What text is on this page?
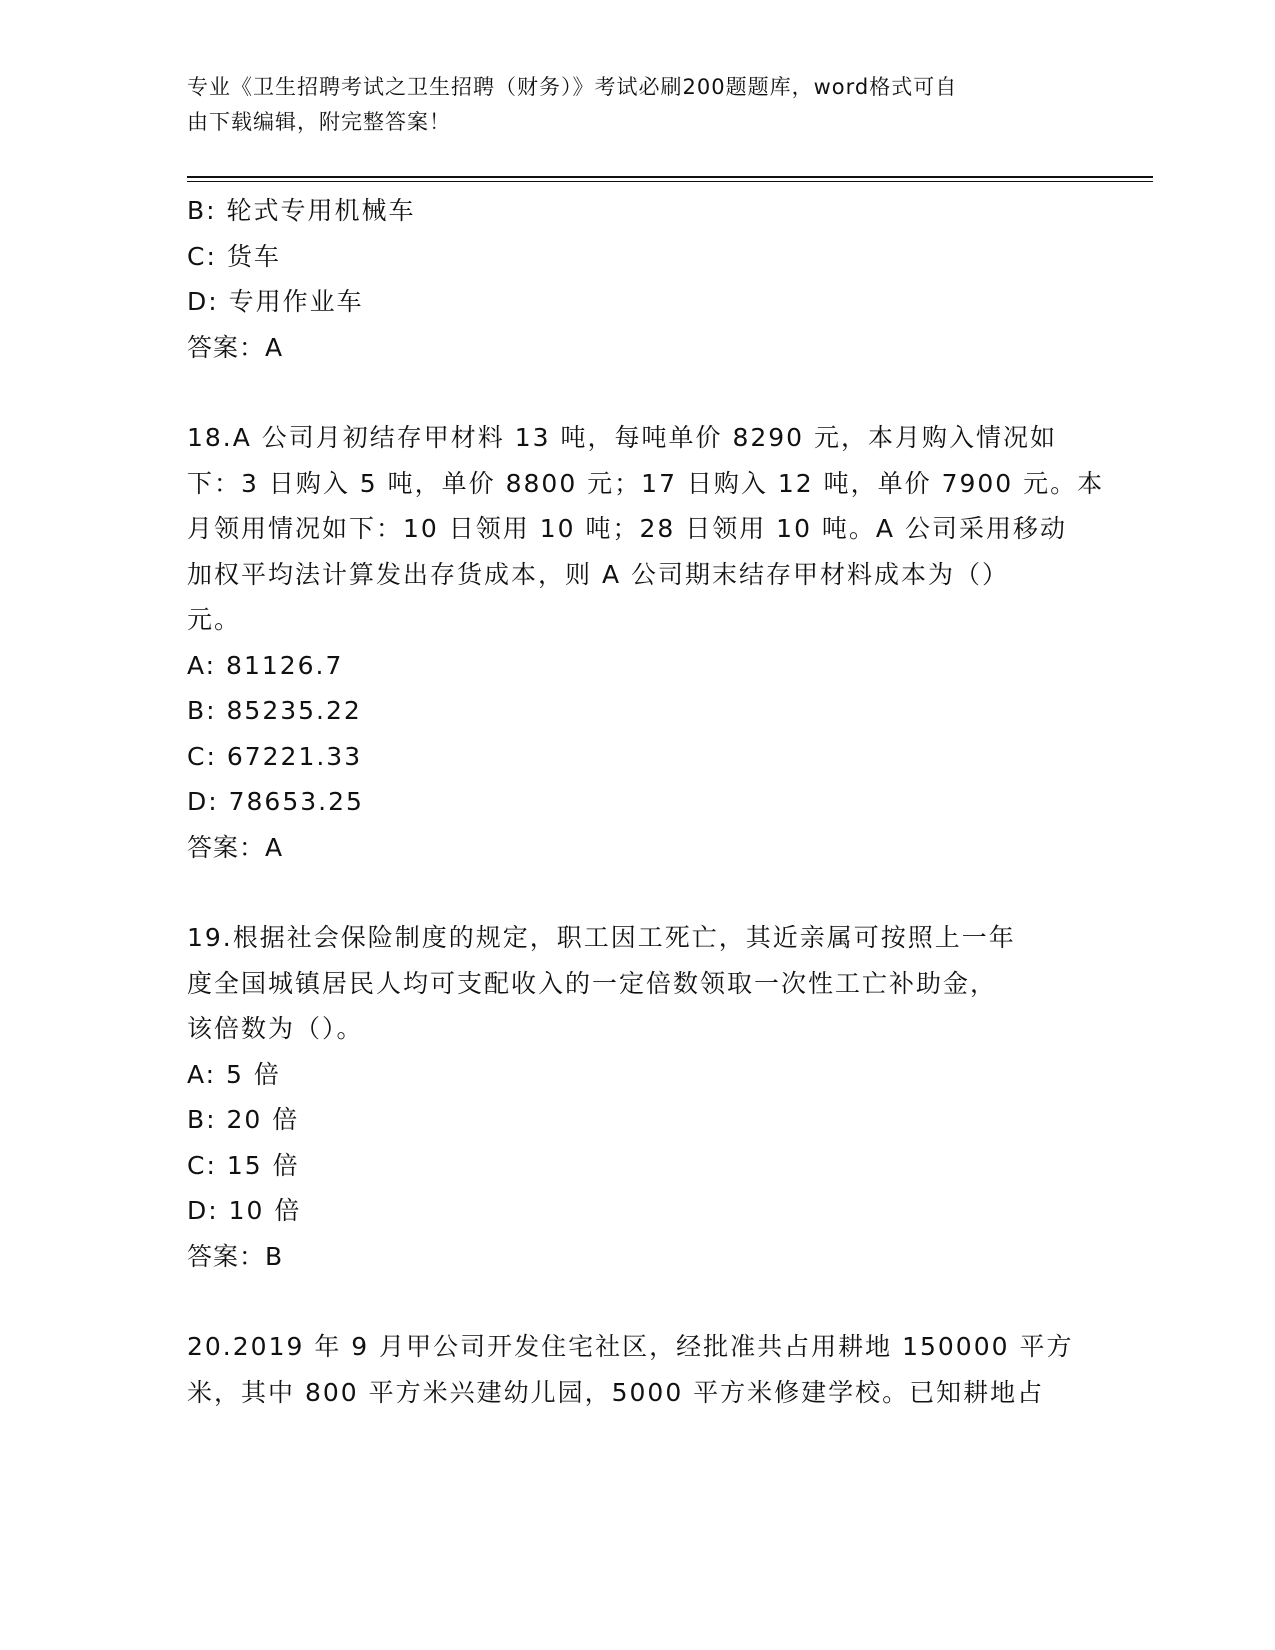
专业《卫生招聘考试之卫生招聘（财务）》考试必刷200题题库，word格式可自
由下载编辑，附完整答案！
B: 轮式专用机械车
C: 货车
D: 专用作业车
答案：A
18.A 公司月初结存甲材料 13 吨，每吨单价 8290 元，本月购入情况如
下：3 日购入 5 吨，单价 8800 元；17 日购入 12 吨，单价 7900 元。本
月领用情况如下：10 日领用 10 吨；28 日领用 10 吨。A 公司采用移动
加权平均法计算发出存货成本，则 A 公司期末结存甲材料成本为（）
元。
A: 81126.7
B: 85235.22
C: 67221.33
D: 78653.25
答案：A
19.根据社会保险制度的规定，职工因工死亡，其近亲属可按照上一年
度全国城镇居民人均可支配收入的一定倍数领取一次性工亡补助金，
该倍数为（）。
A: 5 倍
B: 20 倍
C: 15 倍
D: 10 倍
答案：B
20.2019 年 9 月甲公司开发住宅社区，经批准共占用耕地 150000 平方
米，其中 800 平方米兴建幼儿园，5000 平方米修建学校。已知耕地占
